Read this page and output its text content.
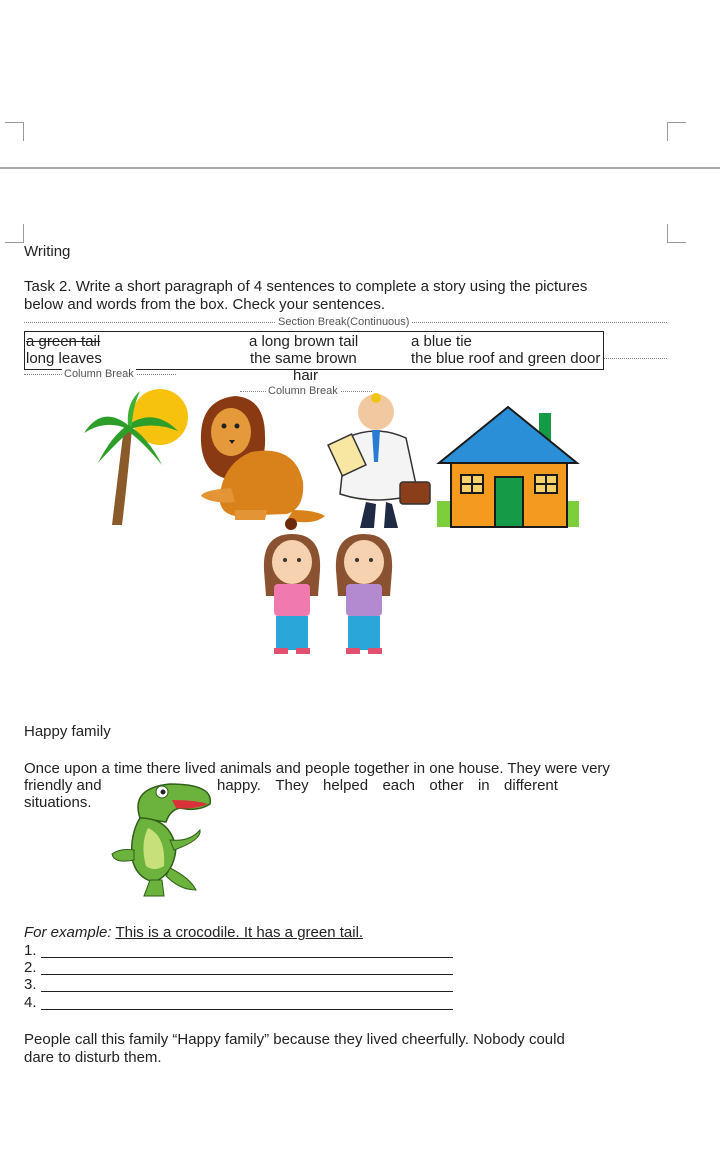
Writing
Task 2. Write a short paragraph of 4 sentences to complete a story using the pictures
below and words from the box. Check your sentences.
Section Break(Continuous)
a green tail
long leaves
a long brown tail
the same brown
hair
a blue tie
the blue roof and green door
Column Break
Column Break
Happy family
Once upon a time there lived animals and people together in one house. They were very
friendly and	happy. They helped each other in different
situations.
For example: This is a crocodile. It has a green tail.
1.
2.
3.
4.
People call this family “Happy family” because they lived cheerfully. Nobody could
dare to disturb them.
